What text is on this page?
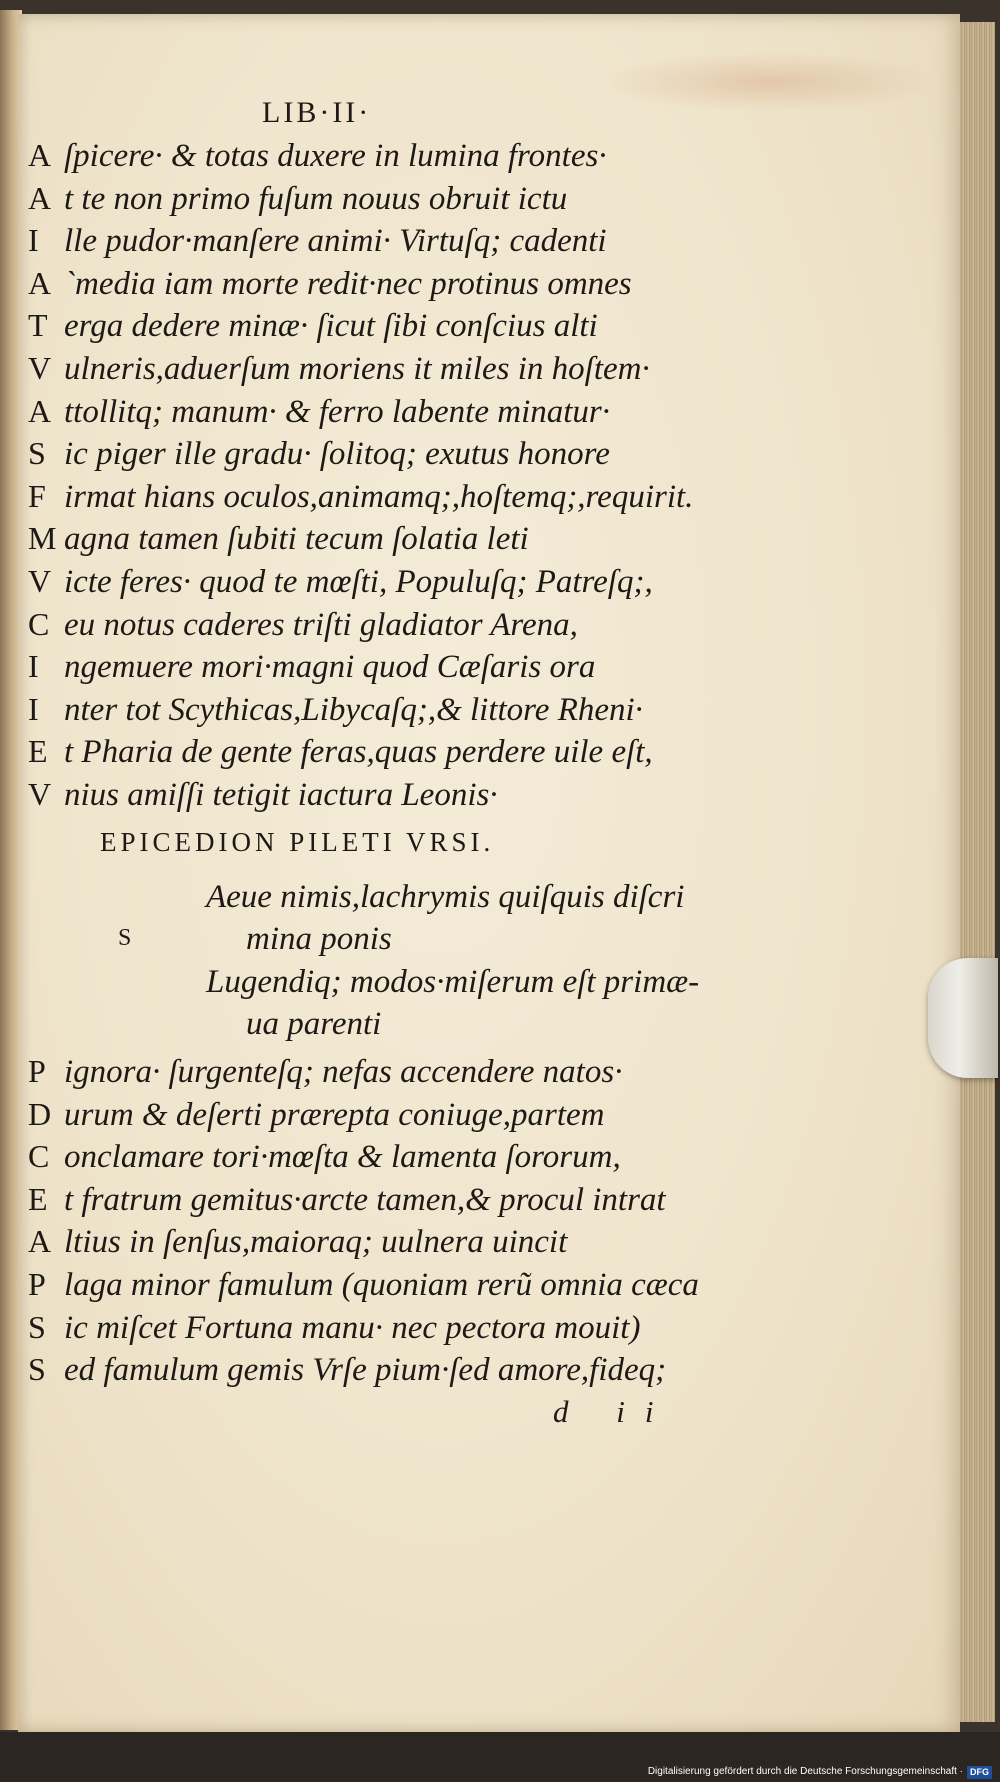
LIB·II·
A ſpicere· & totas duxere in lumina frontes·
A t te non primo fuſum nouus obruit ictu
I lle pudor·manſere animi· Virtuſq; cadenti
A `media iam morte redit·nec protinus omnes
T erga dedere minæ· ſicut ſibi conſcius alti
V ulneris,aduerſum moriens it miles in hoſtem·
A ttollitq; manum· & ferro labente minatur·
S ic piger ille gradu· ſolitoq; exutus honore
F irmat hians oculos,animamq;,hoſtemq;,requirit.
M agna tamen ſubiti tecum ſolatia leti
V icte feres· quod te mœſti, Populuſq; Patreſq;,
C eu notus caderes triſti gladiator Arena,
I ngemuere mori·magni quod Cæſaris ora
I nter tot Scythicas,Libycaſq;,& littore Rheni·
E t Pharia de gente feras,quas perdere uile eſt,
V nius amiſſi tetigit iactura Leonis·
EPICEDION PILETI VRSI.
Aeue nimis,lachrymis quiſquis diſcri
mina ponis
Lugendiq; modos·miſerum eſt primæ-
ua parenti
S
P ignora· ſurgenteſq; nefas accendere natos·
D urum & deſerti prærepta coniuge,partem
C onclamare tori·mœſta & lamenta ſororum,
E t fratrum gemitus·arcte tamen,& procul intrat
A ltius in ſenſus,maioraq; uulnera uincit
P laga minor famulum (quoniam rerũ omnia cæca
S ic miſcet Fortuna manu· nec pectora mouit)
S ed famulum gemis Vrſe pium·ſed amore,fideq;
d ii
Digitalisierung gefördert durch die Deutsche Forschungsgemeinschaft · DFG
